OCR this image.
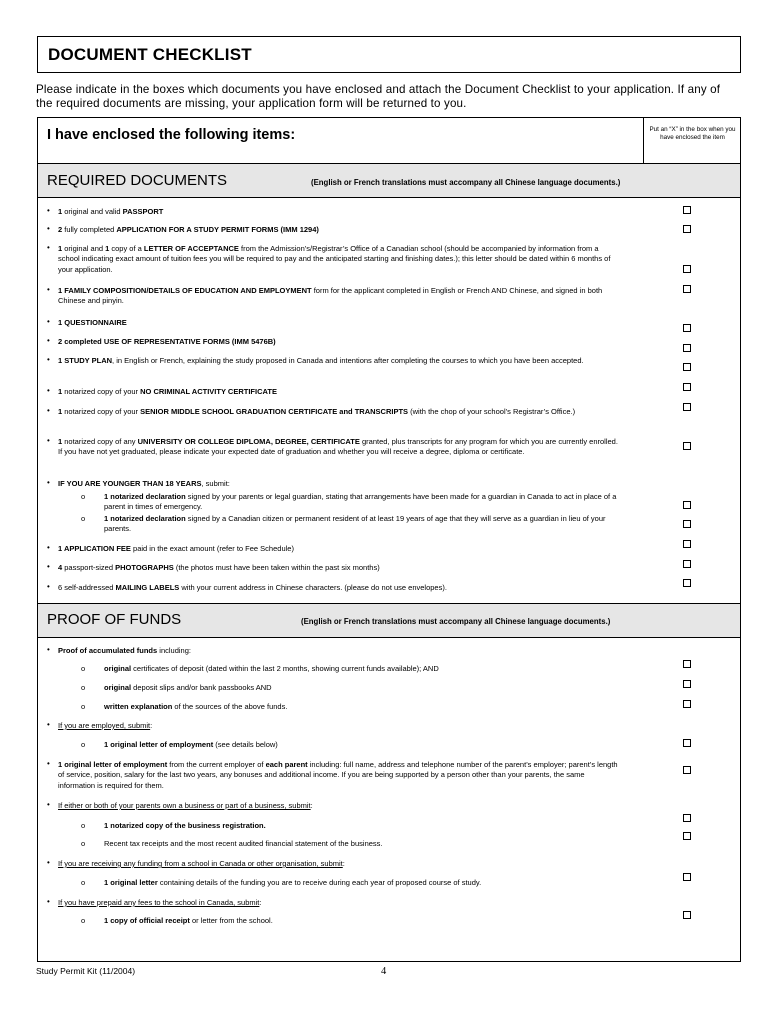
DOCUMENT CHECKLIST
Please indicate in the boxes which documents you have enclosed and attach the Document Checklist to your application. If any of the required documents are missing, your application form will be returned to you.
I have enclosed the following items:	Put an “X” in the box when you have enclosed the item
REQUIRED DOCUMENTS	(English or French translations must accompany all Chinese language documents.)
• 1 original and valid PASSPORT
• 2 fully completed APPLICATION FOR A STUDY PERMIT FORMS (IMM 1294)
• 1 original and 1 copy of a LETTER OF ACCEPTANCE from the Admission’s/Registrar’s Office of a Canadian school (should be accompanied by information from a school indicating exact amount of tuition fees you will be required to pay and the anticipated starting and finishing dates.); this letter should be dated within 6 months of your application.
• 1 FAMILY COMPOSITION/DETAILS OF EDUCATION AND EMPLOYMENT form for the applicant completed in English or French AND Chinese, and signed in both Chinese and pinyin.
• 1 QUESTIONNAIRE
• 2 completed USE OF REPRESENTATIVE FORMS (IMM 5476B)
• 1 STUDY PLAN, in English or French, explaining the study proposed in Canada and intentions after completing the courses to which you have been accepted.
• 1 notarized copy of your NO CRIMINAL ACTIVITY CERTIFICATE
• 1 notarized copy of your SENIOR MIDDLE SCHOOL GRADUATION CERTIFICATE and TRANSCRIPTS (with the chop of your school’s Registrar’s Office.)
• 1 notarized copy of any UNIVERSITY OR COLLEGE DIPLOMA, DEGREE, CERTIFICATE granted, plus transcripts for any program for which you are currently enrolled. If you have not yet graduated, please indicate your expected date of graduation and whether you will receive a degree, diploma or certificate.
• IF YOU ARE YOUNGER THAN 18 YEARS, submit:
o	1 notarized declaration signed by your parents or legal guardian, stating that arrangements have been made for a guardian in Canada to act in place of a parent in times of emergency.
o	1 notarized declaration signed by a Canadian citizen or permanent resident of at least 19 years of age that they will serve as a guardian in lieu of your parents.
• 1 APPLICATION FEE paid in the exact amount (refer to Fee Schedule)
• 4 passport-sized PHOTOGRAPHS (the photos must have been taken within the past six months)
• 6 self-addressed MAILING LABELS with your current address in Chinese characters. (please do not use envelopes).
PROOF OF FUNDS	(English or French translations must accompany all Chinese language documents.)
• Proof of accumulated funds including:
o	original certificates of deposit (dated within the last 2 months, showing current funds available); AND
o	original deposit slips and/or bank passbooks AND
o	written explanation of the sources of the above funds.
• If you are employed, submit:
o	1 original letter of employment (see details below)
• 1 original letter of employment from the current employer of each parent including: full name, address and telephone number of the parent’s employer; parent’s length of service, position, salary for the last two years, any bonuses and additional income. If you are being supported by a person other than your parents, the same information is required for them.
• If either or both of your parents own a business or part of a business, submit:
o	1 notarized copy of the business registration.
o	Recent tax receipts and the most recent audited financial statement of the business.
• If you are receiving any funding from a school in Canada or other organisation, submit:
o	1 original letter containing details of the funding you are to receive during each year of proposed course of study.
• If you have prepaid any fees to the school in Canada, submit:
o	1 copy of official receipt or letter from the school.
Study Permit Kit (11/2004)	4
